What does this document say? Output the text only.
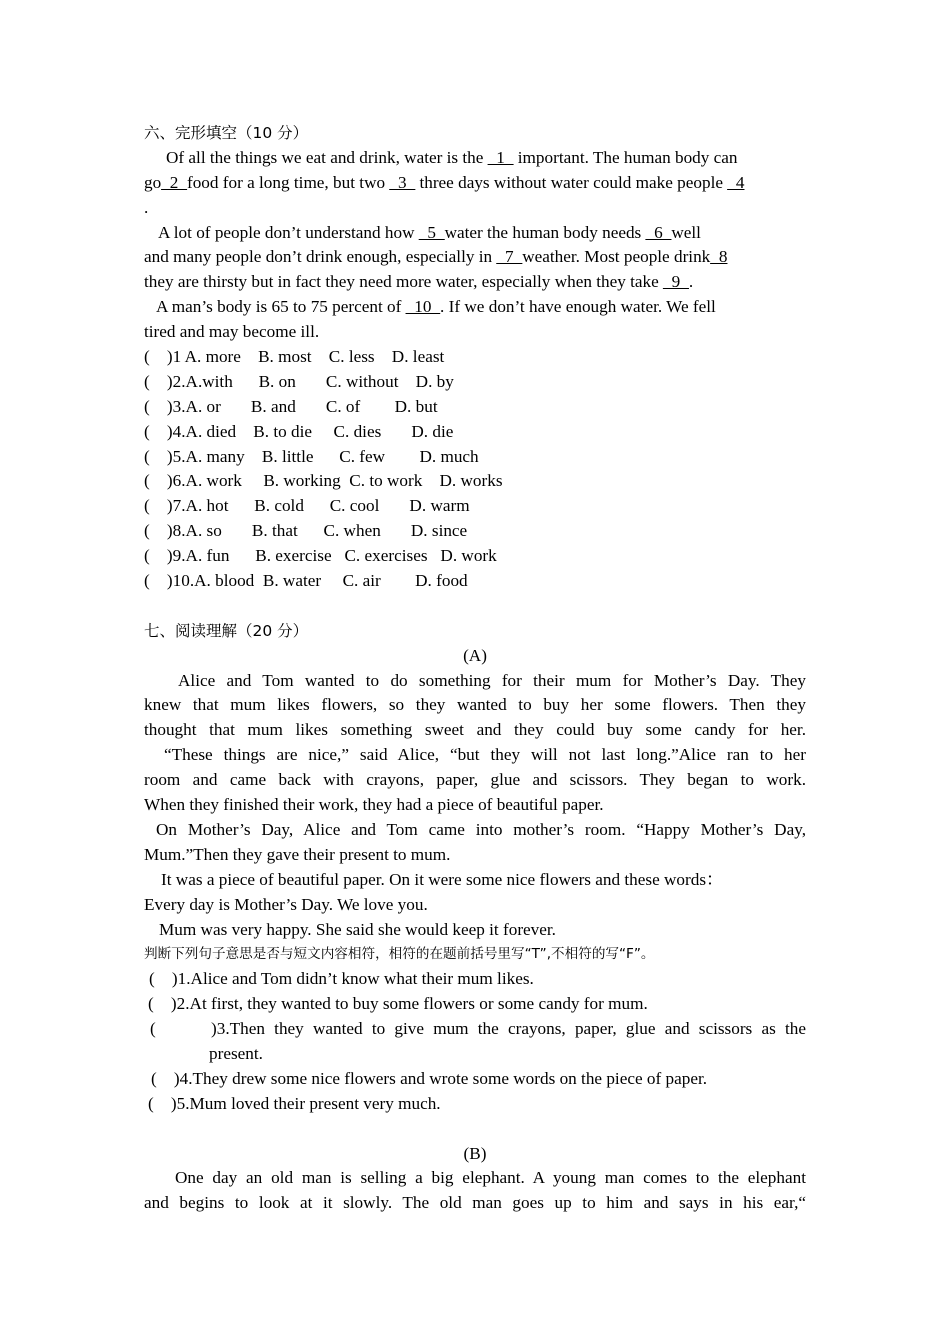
六、完形填空（10 分）
Of all the things we eat and drink, water is the _1_ important. The human body can
go_2_food for a long time, but two _3_ three days without water could make people _4
.
A lot of people don’t understand how _5_water the human body needs _6_well
and many people don’t drink enough, especially in _7_weather. Most people drink_8
they are thirsty but in fact they need more water, especially when they take _9_.
A man’s body is 65 to 75 percent of _10_. If we don’t have enough water. We fell
tired and may become ill.
(    )1 A. more    B. most    C. less    D. least
(    )2.A.with      B. on       C. without    D. by
(    )3.A. or       B. and       C. of        D. but
(    )4.A. died    B. to die     C. dies       D. die
(    )5.A. many    B. little      C. few        D. much
(    )6.A. work     B. working  C. to work    D. works
(    )7.A. hot      B. cold      C. cool       D. warm
(    )8.A. so       B. that      C. when       D. since
(    )9.A. fun      B. exercise   C. exercises   D. work
(    )10.A. blood  B. water     C. air        D. food
七、阅读理解（20 分）
(A)
Alice and Tom wanted to do something for their mum for Mother’s Day. They
knew that mum likes flowers, so they wanted to buy her some flowers. Then they
thought that mum likes something sweet and they could buy some candy for her.
“These things are nice,” said Alice, “but they will not last long.”Alice ran to her
room and came back with crayons, paper, glue and scissors. They began to work.
When they finished their work, they had a piece of beautiful paper.
On Mother’s Day, Alice and Tom came into mother’s room. “Happy Mother’s Day,
Mum.”Then they gave their present to mum.
It was a piece of beautiful paper. On it were some nice flowers and these words：
Every day is Mother’s Day. We love you.
Mum was very happy. She said she would keep it forever.
判断下列句子意思是否与短文内容相符，相符的在题前括号里写“T”,不相符的写“F”。
(    )1.Alice and Tom didn’t know what their mum likes.
(    )2.At first, they wanted to buy some flowers or some candy for mum.
(      )3.Then they wanted to give mum the crayons, paper, glue and scissors as the
present.
(    )4.They drew some nice flowers and wrote some words on the piece of paper.
(    )5.Mum loved their present very much.
(B)
One day an old man is selling a big elephant. A young man comes to the elephant
and begins to look at it slowly. The old man goes up to him and says in his ear,“
